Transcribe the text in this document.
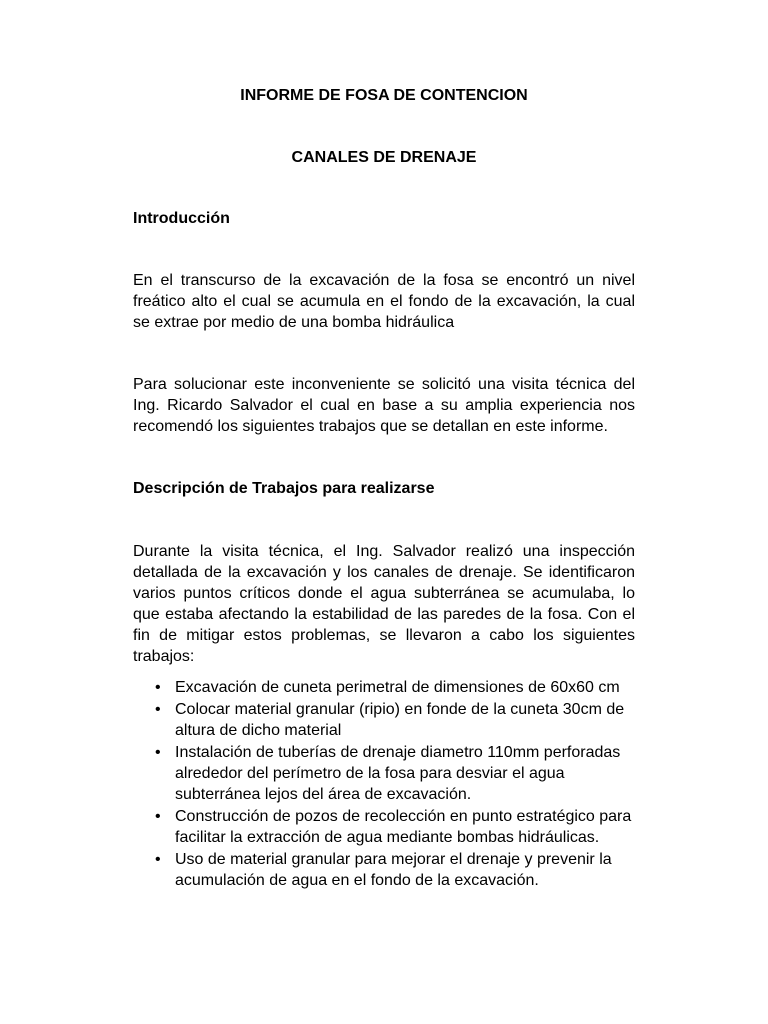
INFORME DE FOSA DE CONTENCION
CANALES DE DRENAJE
Introducción

En el transcurso de la excavación de la fosa se encontró un nivel freático alto el cual se acumula en el fondo de la excavación, la cual se extrae por medio de una bomba hidráulica

Para solucionar este inconveniente se solicitó una visita técnica del Ing. Ricardo Salvador el cual en base a su amplia experiencia nos recomendó los siguientes trabajos que se detallan en este informe.

Descripción de Trabajos para realizarse

Durante la visita técnica, el Ing. Salvador realizó una inspección detallada de la excavación y los canales de drenaje. Se identificaron varios puntos críticos donde el agua subterránea se acumulaba, lo que estaba afectando la estabilidad de las paredes de la fosa. Con el fin de mitigar estos problemas, se llevaron a cabo los siguientes trabajos:

• Excavación de cuneta perimetral de dimensiones de 60x60 cm
• Colocar material granular (ripio) en fonde de la cuneta 30cm de altura de dicho material
• Instalación de tuberías de drenaje diametro 110mm perforadas alrededor del perímetro de la fosa para desviar el agua subterránea lejos del área de excavación.
• Construcción de pozos de recolección en punto estratégico para facilitar la extracción de agua mediante bombas hidráulicas.
• Uso de material granular para mejorar el drenaje y prevenir la acumulación de agua en el fondo de la excavación.
